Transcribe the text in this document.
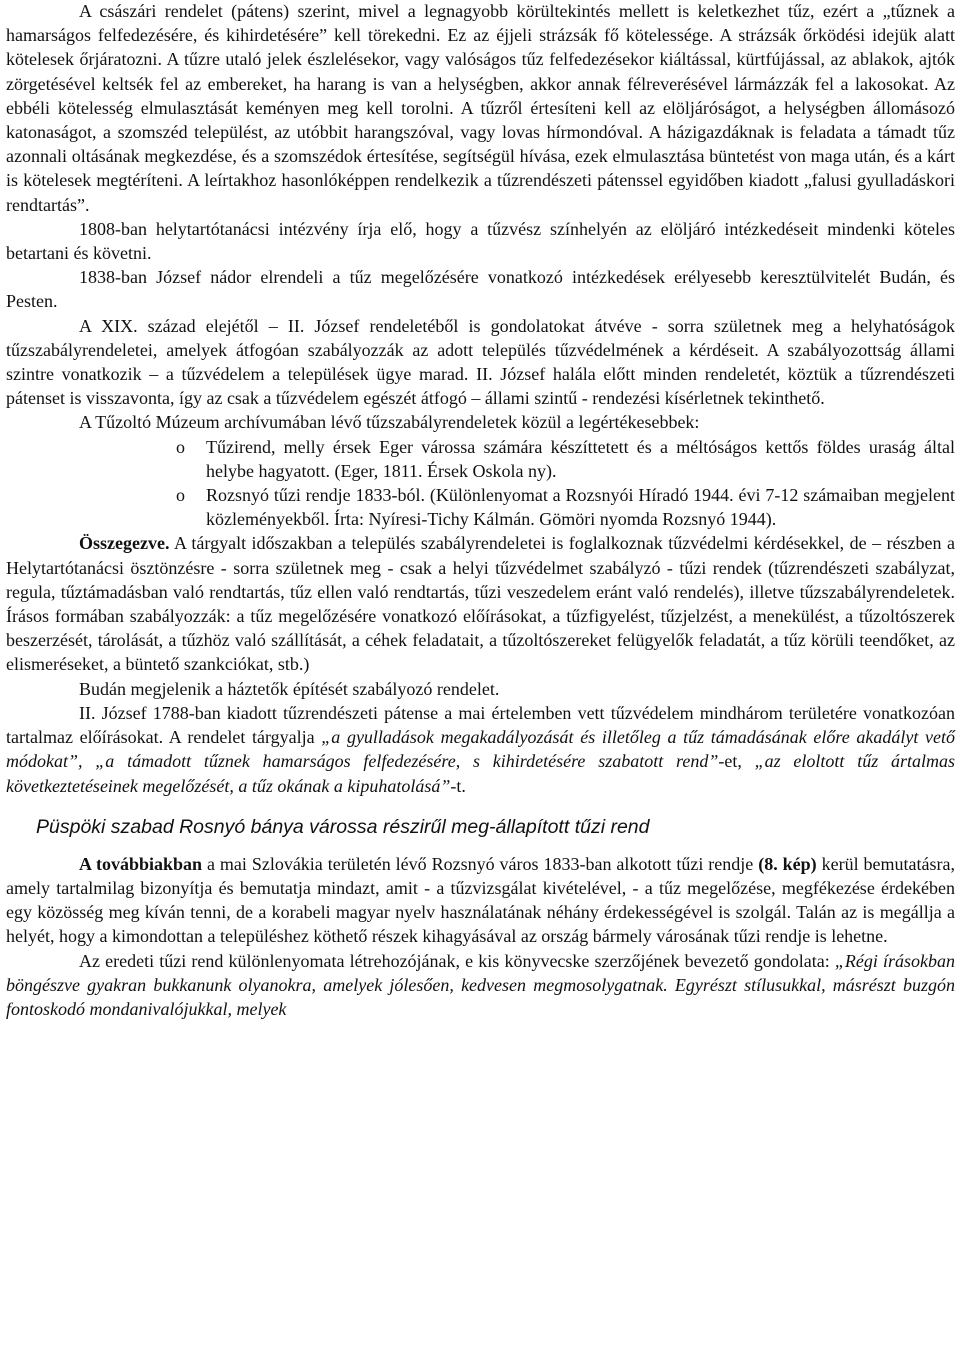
A császári rendelet (pátens) szerint, mivel a legnagyobb körültekintés mellett is keletkezhet tűz, ezért a „tűznek a hamarságos felfedezésére, és kihirdetésére” kell törekedni. Ez az éjjeli strázsák fő kötelessége. A strázsák őrködési idejük alatt kötelesek őrjáratozni. A tűzre utaló jelek észlelésekor, vagy valóságos tűz felfedezésekor kiáltással, kürtfújással, az ablakok, ajtók zörgetésével keltsék fel az embereket, ha harang is van a helységben, akkor annak félreverésével lármázzák fel a lakosokat. Az ebbéli kötelesség elmulasztását keményen meg kell torolni. A tűzről értesíteni kell az elöljáróságot, a helységben állomásozó katonaságot, a szomszéd települést, az utóbbit harangszóval, vagy lovas hírmondóval. A házigazdáknak is feladata a támadt tűz azonnali oltásának megkezdése, és a szomszédok értesítése, segítségül hívása, ezek elmulasztása büntetést von maga után, és a kárt is kötelesek megtéríteni. A leírtakhoz hasonlóképpen rendelkezik a tűzrendészeti pátenssel egyidőben kiadott „falusi gyulladáskori rendtartás”.

1808-ban helytartótanácsi intézvény írja elő, hogy a tűzvész színhelyén az elöljáró intézkedéseit mindenki köteles betartani és követni.

1838-ban József nádor elrendeli a tűz megelőzésére vonatkozó intézkedések erélyesebb keresztülvitelét Budán, és Pesten.

A XIX. század elejétől – II. József rendeletéből is gondolatokat átvéve - sorra születnek meg a helyhatóságok tűzszabályrendeletei, amelyek átfogóan szabályozzák az adott település tűzvédelmének a kérdéseit. A szabályozottság állami szintre vonatkozik – a tűzvédelem a települések ügye marad. II. József halála előtt minden rendeletét, köztük a tűzrendészeti pátenset is visszavonta, így az csak a tűzvédelem egészét átfogó – állami szintű - rendezési kísérletnek tekinthető.

A Tűzoltó Múzeum archívumában lévő tűzszabályrendeletek közül a legértékesebbek:

o Tűzirend, melly érsek Eger várossa számára készíttetett és a méltóságos kettős földes uraság által helybe hagyatott. (Eger, 1811. Érsek Oskola ny).
o Rozsnyó tűzi rendje 1833-ból. (Különlenyomat a Rozsnyói Híradó 1944. évi 7-12 számaiban megjelent közleményekből. Írta: Nyíresi-Tichy Kálmán. Gömöri nyomda Rozsnyó 1944).

Összegezve. A tárgyalt időszakban a település szabályrendeletei is foglalkoznak tűzvédelmi kérdésekkel, de – részben a Helytartótanácsi ösztönzésre - sorra születnek meg - csak a helyi tűzvédelmet szabályzó - tűzi rendek (tűzrendészeti szabályzat, regula, tűztámadásban való rendtartás, tűz ellen való rendtartás, tűzi veszedelem eránt való rendelés), illetve tűzszabályrendeletek. Írásos formában szabályozzák: a tűz megelőzésére vonatkozó előírásokat, a tűzfigyelést, tűzjelzést, a menekülést, a tűzoltószerek beszerzését, tárolását, a tűzhöz való szállítását, a céhek feladatait, a tűzoltószereket felügyelők feladatát, a tűz körüli teendőket, az elismeréseket, a büntető szankciókat, stb.)

Budán megjelenik a háztetők építését szabályozó rendelet.

II. József 1788-ban kiadott tűzrendészeti pátense a mai értelemben vett tűzvédelem mindhárom területére vonatkozóan tartalmaz előírásokat. A rendelet tárgyalja „a gyulladások megakadályozását és illetőleg a tűz támadásának előre akadályt vető módokat”, „a támadott tűznek hamarságos felfedezésére, s kihirdetésére szabatott rend”-et, „az eloltott tűz ártalmas következtetéseinek megelőzését, a tűz okának a kipuhatolásá”-t.

Püspöki szabad Rosnyó bánya várossa részirűl meg-állapított tűzi rend

A továbbiakban a mai Szlovákia területén lévő Rozsnyó város 1833-ban alkotott tűzi rendje (8. kép) kerül bemutatásra, amely tartalmilag bizonyítja és bemutatja mindazt, amit - a tűzvizsgálat kivételével, - a tűz megelőzése, megfékezése érdekében egy közösség meg kíván tenni, de a korabeli magyar nyelv használatának néhány érdekességével is szolgál. Talán az is megállja a helyét, hogy a kimondottan a településhez köthető részek kihagyásával az ország bármely városának tűzi rendje is lehetne.

Az eredeti tűzi rend különlenyomata létrehozójának, e kis könyvecske szerzőjének bevezető gondolata: „Régi írásokban böngészve gyakran bukkanunk olyanokra, amelyek jólesően, kedvesen megmosolygatnak. Egyrészt stílusukkal, másrészt buzgón fontoskodó mondanivalójukkal, melyek
